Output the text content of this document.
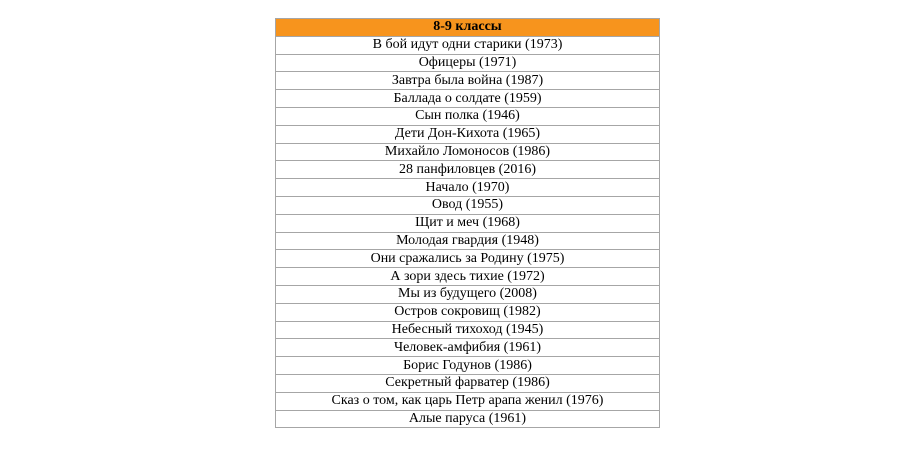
8-9 классы
В бой идут одни старики (1973)
Офицеры (1971)
Завтра была война (1987)
Баллада о солдате (1959)
Сын полка (1946)
Дети Дон-Кихота (1965)
Михайло Ломоносов (1986)
28 панфиловцев (2016)
Начало (1970)
Овод (1955)
Щит и меч (1968)
Молодая гвардия (1948)
Они сражались за Родину (1975)
А зори здесь тихие (1972)
Мы из будущего (2008)
Остров сокровищ (1982)
Небесный тихоход (1945)
Человек-амфибия (1961)
Борис Годунов (1986)
Секретный фарватер (1986)
Сказ о том, как царь Петр арапа женил (1976)
Алые паруса (1961)
